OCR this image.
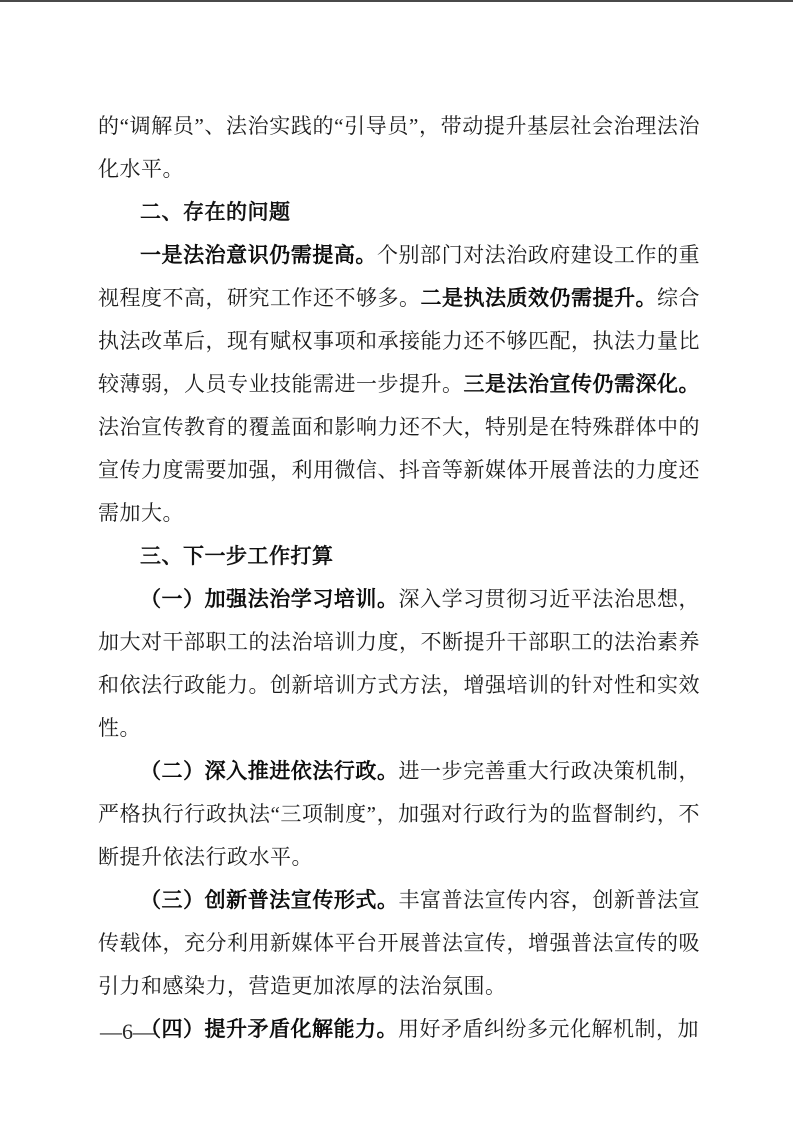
的“调解员”、法治实践的“引导员”，带动提升基层社会治理法治化水平。
二、存在的问题
一是法治意识仍需提高。个别部门对法治政府建设工作的重视程度不高，研究工作还不够多。二是执法质效仍需提升。综合执法改革后，现有赋权事项和承接能力还不够匹配，执法力量比较薄弱，人员专业技能需进一步提升。三是法治宣传仍需深化。法治宣传教育的覆盖面和影响力还不大，特别是在特殊群体中的宣传力度需要加强，利用微信、抖音等新媒体开展普法的力度还需加大。
三、下一步工作打算
（一）加强法治学习培训。深入学习贯彻习近平法治思想，加大对干部职工的法治培训力度，不断提升干部职工的法治素养和依法行政能力。创新培训方式方法，增强培训的针对性和实效性。
（二）深入推进依法行政。进一步完善重大行政决策机制，严格执行行政执法“三项制度”，加强对行政行为的监督制约，不断提升依法行政水平。
（三）创新普法宣传形式。丰富普法宣传内容，创新普法宣传载体，充分利用新媒体平台开展普法宣传，增强普法宣传的吸引力和感染力，营造更加浓厚的法治氛围。
（四）提升矛盾化解能力。用好矛盾纠纷多元化解机制，加
—6—
